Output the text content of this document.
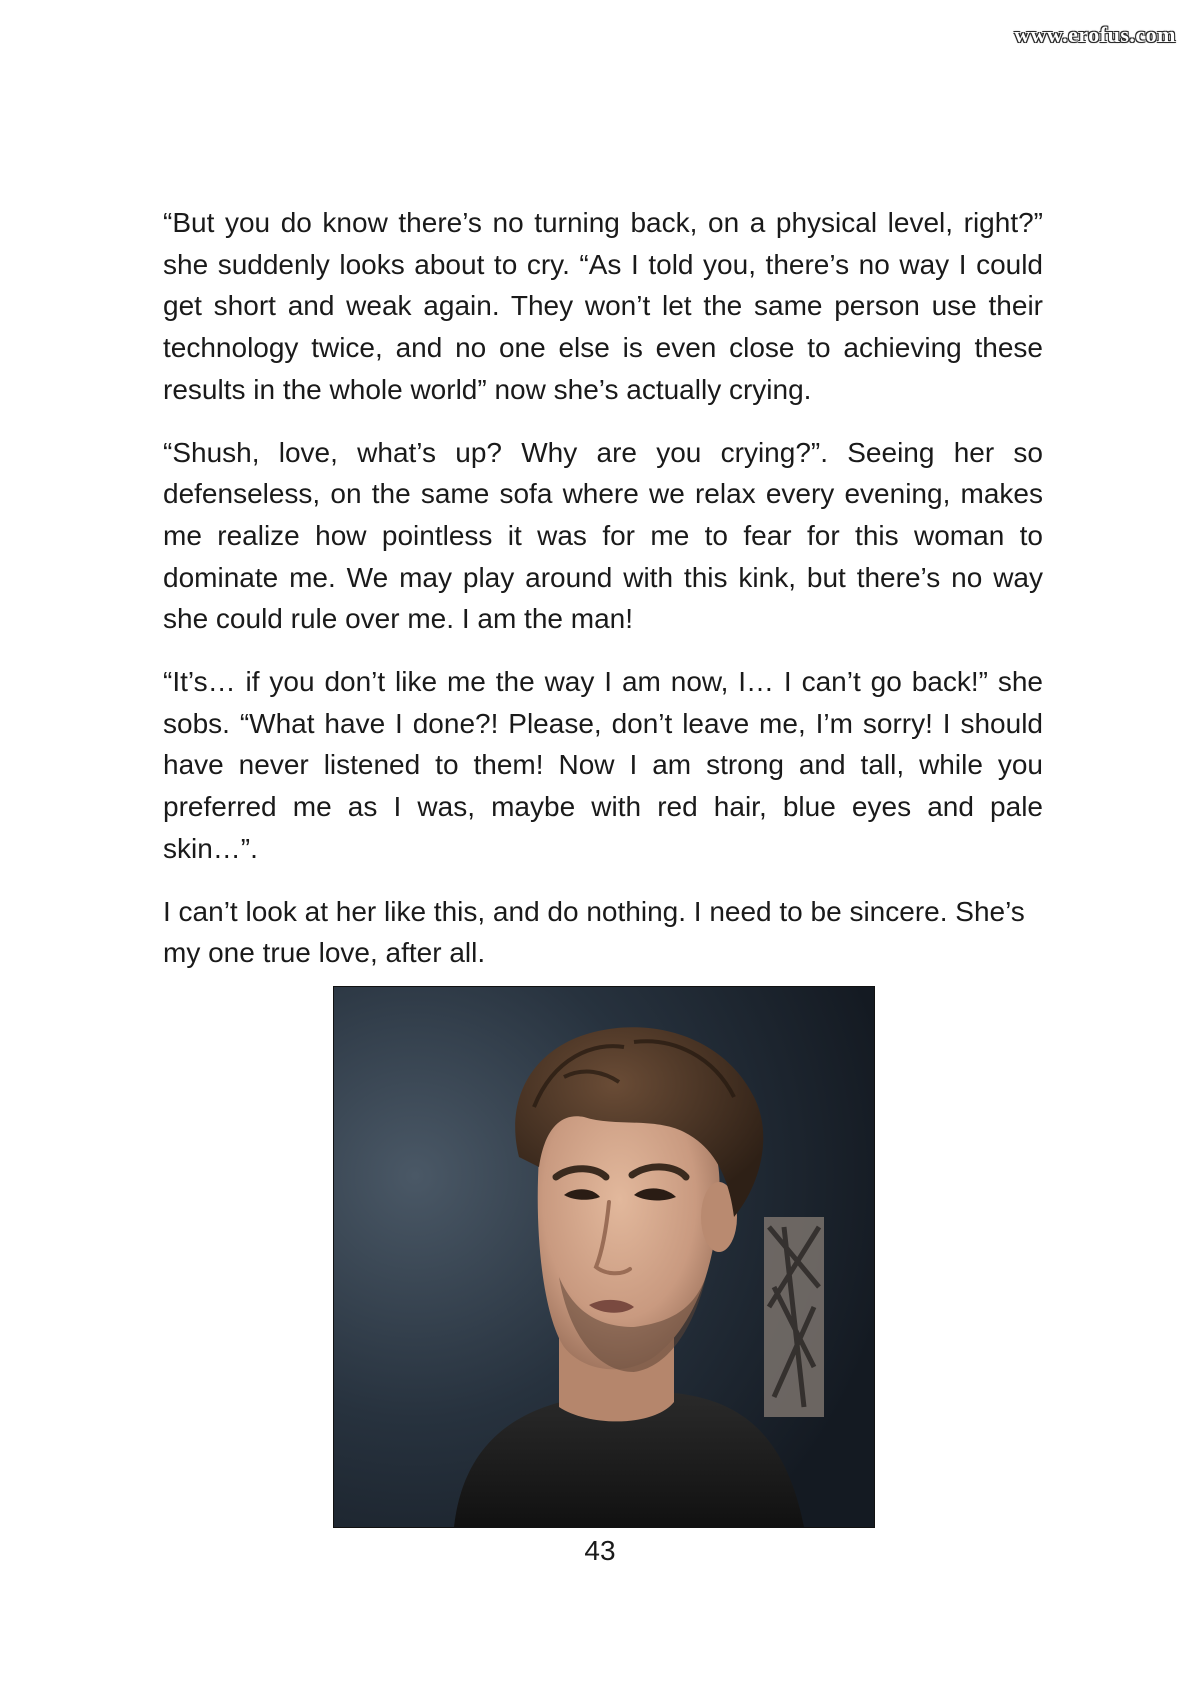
www.erofus.com

“But you do know there’s no turning back, on a physical level, right?” she suddenly looks about to cry. “As I told you, there’s no way I could get short and weak again. They won’t let the same person use their technology twice, and no one else is even close to achieving these results in the whole world” now she’s actually crying.

“Shush, love, what’s up? Why are you crying?”. Seeing her so defenseless, on the same sofa where we relax every evening, makes me realize how pointless it was for me to fear for this woman to dominate me. We may play around with this kink, but there’s no way she could rule over me. I am the man!

“It’s… if you don’t like me the way I am now, I… I can’t go back!” she sobs. “What have I done?! Please, don’t leave me, I’m sorry! I should have never listened to them! Now I am strong and tall, while you preferred me as I was, maybe with red hair, blue eyes and pale skin…”.

I can’t look at her like this, and do nothing. I need to be sincere. She’s my one true love, after all.

43
